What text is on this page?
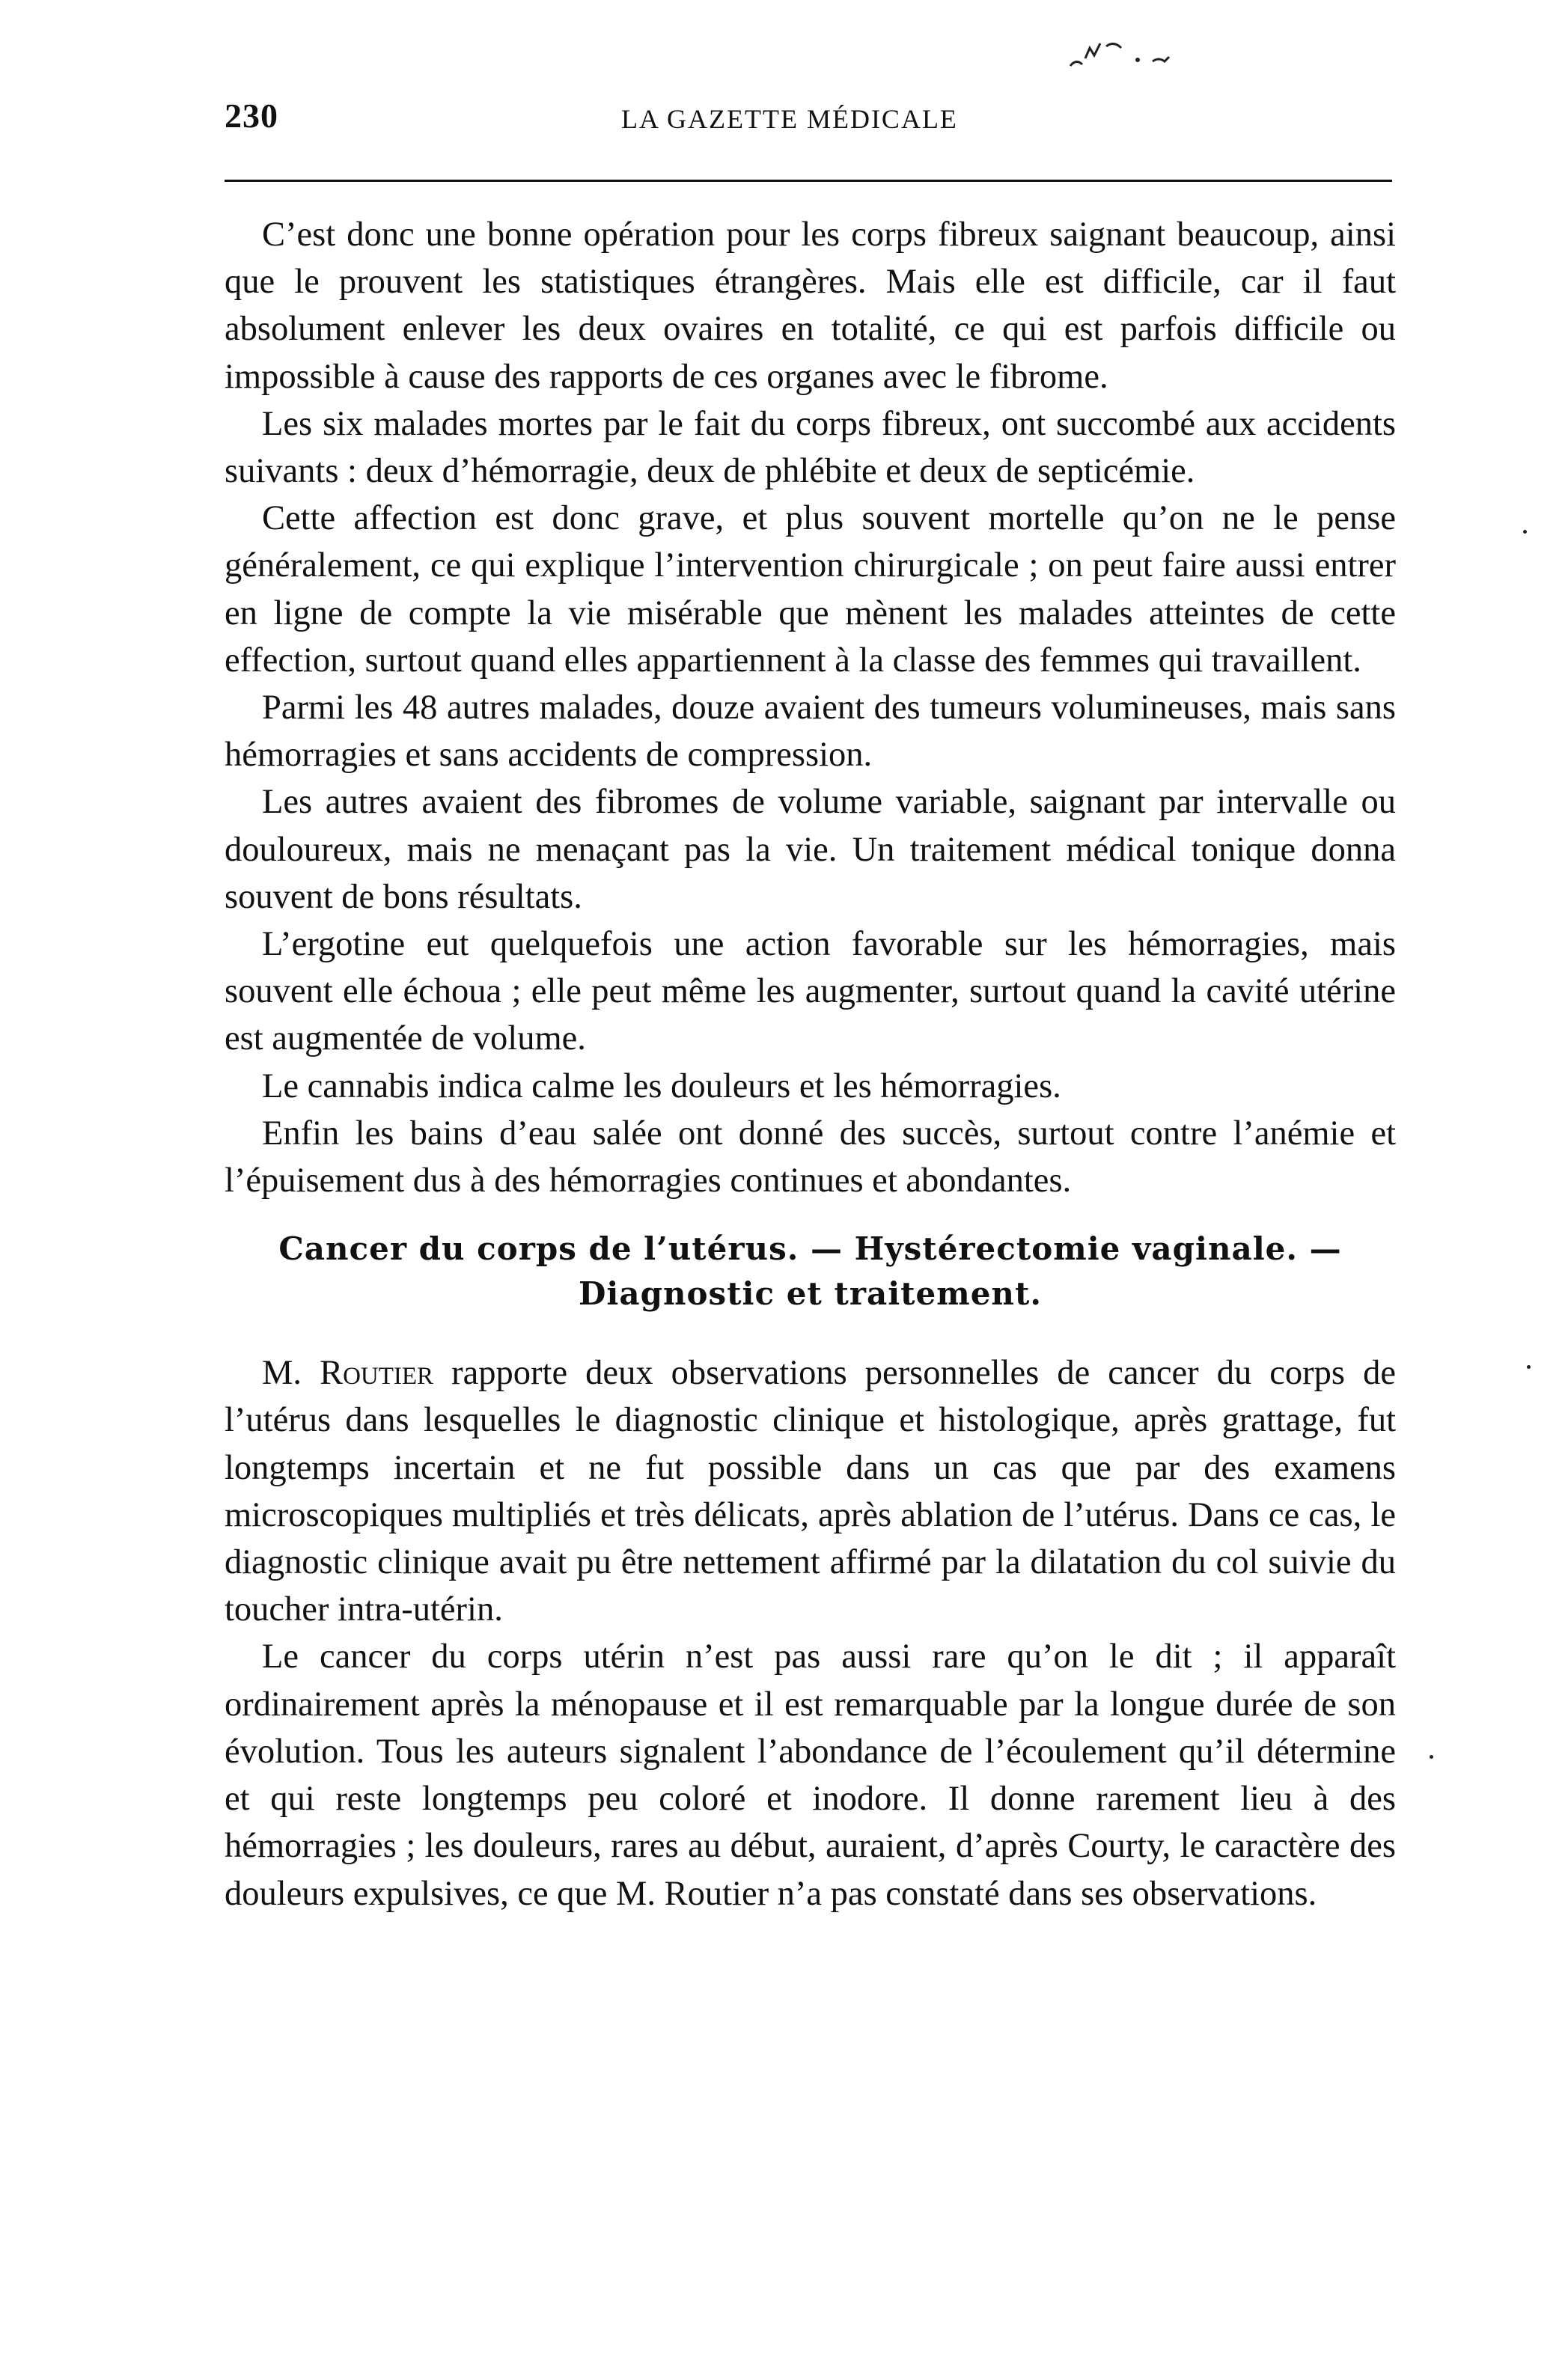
230	LA GAZETTE MÉDICALE

C’est donc une bonne opération pour les corps fibreux saignant beaucoup, ainsi que le prouvent les statistiques étrangères. Mais elle est difficile, car il faut absolument enlever les deux ovaires en totalité, ce qui est parfois difficile ou impossible à cause des rapports de ces organes avec le fibrome.

Les six malades mortes par le fait du corps fibreux, ont succombé aux accidents suivants : deux d’hémorragie, deux de phlébite et deux de septicémie.

Cette affection est donc grave, et plus souvent mortelle qu’on ne le pense généralement, ce qui explique l’intervention chirurgicale ; on peut faire aussi entrer en ligne de compte la vie misérable que mènent les malades atteintes de cette effection, surtout quand elles appartiennent à la classe des femmes qui travaillent.

Parmi les 48 autres malades, douze avaient des tumeurs volumineuses, mais sans hémorragies et sans accidents de compression.

Les autres avaient des fibromes de volume variable, saignant par intervalle ou douloureux, mais ne menaçant pas la vie. Un traitement médical tonique donna souvent de bons résultats.

L’ergotine eut quelquefois une action favorable sur les hémorragies, mais souvent elle échoua ; elle peut même les augmenter, surtout quand la cavité utérine est augmentée de volume.

Le cannabis indica calme les douleurs et les hémorragies.

Enfin les bains d’eau salée ont donné des succès, surtout contre l’anémie et l’épuisement dus à des hémorragies continues et abondantes.

Cancer du corps de l’utérus. — Hystérectomie vaginale. — Diagnostic et traitement.

M. Routier rapporte deux observations personnelles de cancer du corps de l’utérus dans lesquelles le diagnostic clinique et histologique, après grattage, fut longtemps incertain et ne fut possible dans un cas que par des examens microscopiques multipliés et très délicats, après ablation de l’utérus. Dans ce cas, le diagnostic clinique avait pu être nettement affirmé par la dilatation du col suivie du toucher intra-utérin.

Le cancer du corps utérin n’est pas aussi rare qu’on le dit ; il apparaît ordinairement après la ménopause et il est remarquable par la longue durée de son évolution. Tous les auteurs signalent l’abondance de l’écoulement qu’il détermine et qui reste longtemps peu coloré et inodore. Il donne rarement lieu à des hémorragies ; les douleurs, rares au début, auraient, d’après Courty, le caractère des douleurs expulsives, ce que M. Routier n’a pas constaté dans ses observations.
